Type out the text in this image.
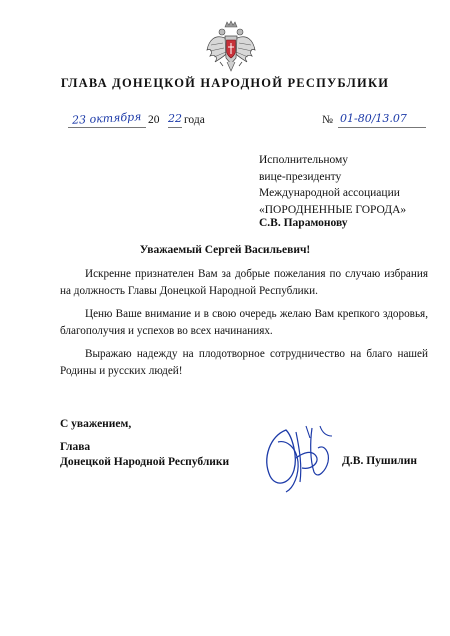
ГЛАВА ДОНЕЦКОЙ НАРОДНОЙ РЕСПУБЛИКИ
23 октября 20 22 года	№ 01-80/13.07
Исполнительному
вице-президенту
Международной ассоциации
«ПОРОДНЕННЫЕ ГОРОДА»
С.В. Парамонову
Уважаемый Сергей Васильевич!

Искренне признателен Вам за добрые пожелания по случаю избрания на должность Главы Донецкой Народной Республики.

Ценю Ваше внимание и в свою очередь желаю Вам крепкого здоровья, благополучия и успехов во всех начинаниях.

Выражаю надежду на плодотворное сотрудничество на благо нашей Родины и русских людей!

С уважением,
Глава
Донецкой Народной Республики	Д.В. Пушилин
